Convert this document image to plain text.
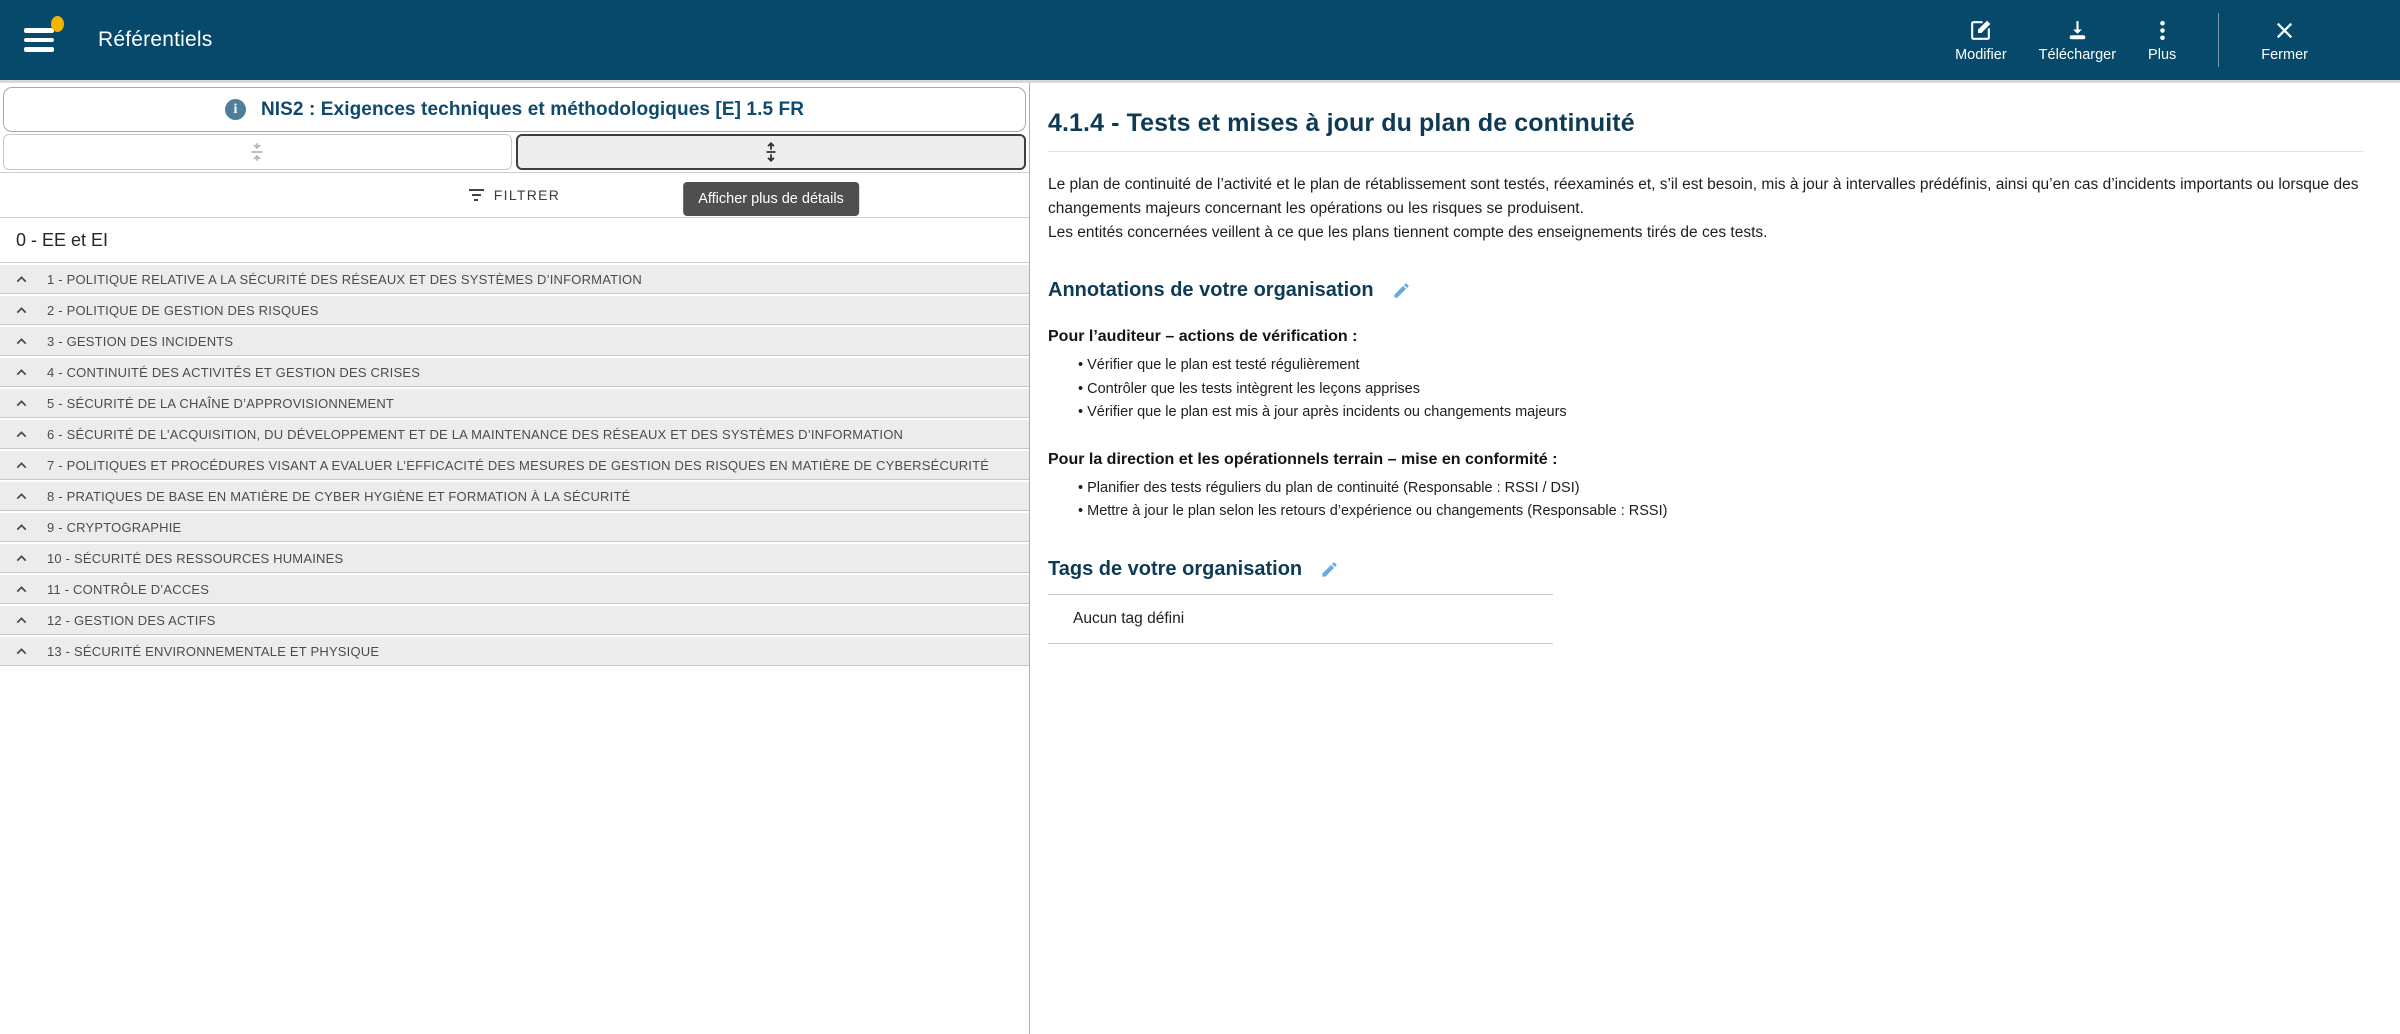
Référentiels
Modifier Télécharger Plus	Fermer
i	NIS2 : Exigences techniques et méthodologiques [E] 1.5 FR
FILTRER	Afficher plus de détails
0 - EE et EI
1 - POLITIQUE RELATIVE A LA SÉCURITÉ DES RÉSEAUX ET DES SYSTÈMES D’INFORMATION
2 - POLITIQUE DE GESTION DES RISQUES
3 - GESTION DES INCIDENTS
4 - CONTINUITÉ DES ACTIVITÉS ET GESTION DES CRISES
5 - SÉCURITÉ DE LA CHAÎNE D’APPROVISIONNEMENT
6 - SÉCURITÉ DE L’ACQUISITION, DU DÉVELOPPEMENT ET DE LA MAINTENANCE DES RÉSEAUX ET DES SYSTÈMES D’INFORMATION
7 - POLITIQUES ET PROCÉDURES VISANT A EVALUER L’EFFICACITÉ DES MESURES DE GESTION DES RISQUES EN MATIÈRE DE CYBERSÉCURITÉ
8 - PRATIQUES DE BASE EN MATIÈRE DE CYBER HYGIÈNE ET FORMATION À LA SÉCURITÉ
9 - CRYPTOGRAPHIE
10 - SÉCURITÉ DES RESSOURCES HUMAINES
11 - CONTRÔLE D’ACCES
12 - GESTION DES ACTIFS
13 - SÉCURITÉ ENVIRONNEMENTALE ET PHYSIQUE
4.1.4 - Tests et mises à jour du plan de continuité
Le plan de continuité de l’activité et le plan de rétablissement sont testés, réexaminés et, s’il est besoin, mis à jour à intervalles prédéfinis, ainsi qu’en cas d’incidents importants ou lorsque des changements majeurs concernant les opérations ou les risques se produisent.
Les entités concernées veillent à ce que les plans tiennent compte des enseignements tirés de ces tests.
Annotations de votre organisation
Pour l’auditeur – actions de vérification :
• Vérifier que le plan est testé régulièrement
• Contrôler que les tests intègrent les leçons apprises
• Vérifier que le plan est mis à jour après incidents ou changements majeurs
Pour la direction et les opérationnels terrain – mise en conformité :
• Planifier des tests réguliers du plan de continuité (Responsable : RSSI / DSI)
• Mettre à jour le plan selon les retours d’expérience ou changements (Responsable : RSSI)
Tags de votre organisation
Aucun tag défini
